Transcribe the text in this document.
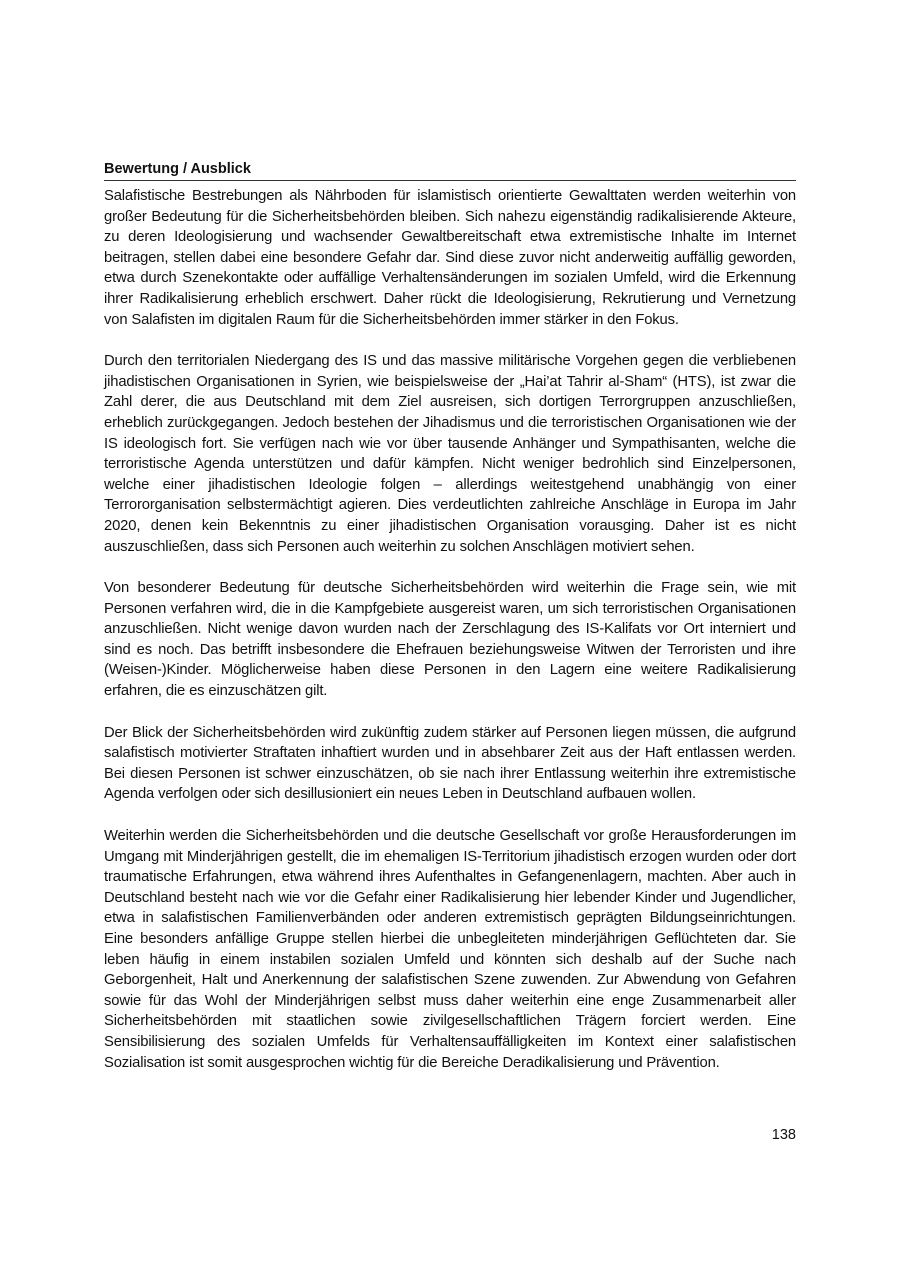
Bewertung / Ausblick

Salafistische Bestrebungen als Nährboden für islamistisch orientierte Gewalttaten werden weiterhin von großer Bedeutung für die Sicherheitsbehörden bleiben. Sich nahezu eigenständig radikalisierende Akteure, zu deren Ideologisierung und wachsender Gewaltbereitschaft etwa extremistische Inhalte im Internet beitragen, stellen dabei eine besondere Gefahr dar. Sind diese zuvor nicht anderweitig auffällig geworden, etwa durch Szenekontakte oder auffällige Verhaltensänderungen im sozialen Umfeld, wird die Erkennung ihrer Radikalisierung erheblich erschwert. Daher rückt die Ideologisierung, Rekrutierung und Vernetzung von Salafisten im digitalen Raum für die Sicherheitsbehörden immer stärker in den Fokus.

Durch den territorialen Niedergang des IS und das massive militärische Vorgehen gegen die verbliebenen jihadistischen Organisationen in Syrien, wie beispielsweise der „Hai’at Tahrir al-Sham“ (HTS), ist zwar die Zahl derer, die aus Deutschland mit dem Ziel ausreisen, sich dortigen Terrorgruppen anzuschließen, erheblich zurückgegangen. Jedoch bestehen der Jihadismus und die terroristischen Organisationen wie der IS ideologisch fort. Sie verfügen nach wie vor über tausende Anhänger und Sympathisanten, welche die terroristische Agenda unterstützen und dafür kämpfen. Nicht weniger bedrohlich sind Einzelpersonen, welche einer jihadistischen Ideologie folgen – allerdings weitestgehend unabhängig von einer Terrororganisation selbstermächtigt agieren. Dies verdeutlichten zahlreiche Anschläge in Europa im Jahr 2020, denen kein Bekenntnis zu einer jihadistischen Organisation vorausging. Daher ist es nicht auszuschließen, dass sich Personen auch weiterhin zu solchen Anschlägen motiviert sehen.

Von besonderer Bedeutung für deutsche Sicherheitsbehörden wird weiterhin die Frage sein, wie mit Personen verfahren wird, die in die Kampfgebiete ausgereist waren, um sich terroristischen Organisationen anzuschließen. Nicht wenige davon wurden nach der Zerschlagung des IS-Kalifats vor Ort interniert und sind es noch. Das betrifft insbesondere die Ehefrauen beziehungsweise Witwen der Terroristen und ihre (Weisen-)Kinder. Möglicherweise haben diese Personen in den Lagern eine weitere Radikalisierung erfahren, die es einzuschätzen gilt.

Der Blick der Sicherheitsbehörden wird zukünftig zudem stärker auf Personen liegen müssen, die aufgrund salafistisch motivierter Straftaten inhaftiert wurden und in absehbarer Zeit aus der Haft entlassen werden. Bei diesen Personen ist schwer einzuschätzen, ob sie nach ihrer Entlassung weiterhin ihre extremistische Agenda verfolgen oder sich desillusioniert ein neues Leben in Deutschland aufbauen wollen.

Weiterhin werden die Sicherheitsbehörden und die deutsche Gesellschaft vor große Herausforderungen im Umgang mit Minderjährigen gestellt, die im ehemaligen IS-Territorium jihadistisch erzogen wurden oder dort traumatische Erfahrungen, etwa während ihres Aufenthaltes in Gefangenenlagern, machten. Aber auch in Deutschland besteht nach wie vor die Gefahr einer Radikalisierung hier lebender Kinder und Jugendlicher, etwa in salafistischen Familienverbänden oder anderen extremistisch geprägten Bildungseinrichtungen. Eine besonders anfällige Gruppe stellen hierbei die unbegleiteten minderjährigen Geflüchteten dar. Sie leben häufig in einem instabilen sozialen Umfeld und könnten sich deshalb auf der Suche nach Geborgenheit, Halt und Anerkennung der salafistischen Szene zuwenden. Zur Abwendung von Gefahren sowie für das Wohl der Minderjährigen selbst muss daher weiterhin eine enge Zusammenarbeit aller Sicherheitsbehörden mit staatlichen sowie zivilgesellschaftlichen Trägern forciert werden. Eine Sensibilisierung des sozialen Umfelds für Verhaltensauffälligkeiten im Kontext einer salafistischen Sozialisation ist somit ausgesprochen wichtig für die Bereiche Deradikalisierung und Prävention.

138
